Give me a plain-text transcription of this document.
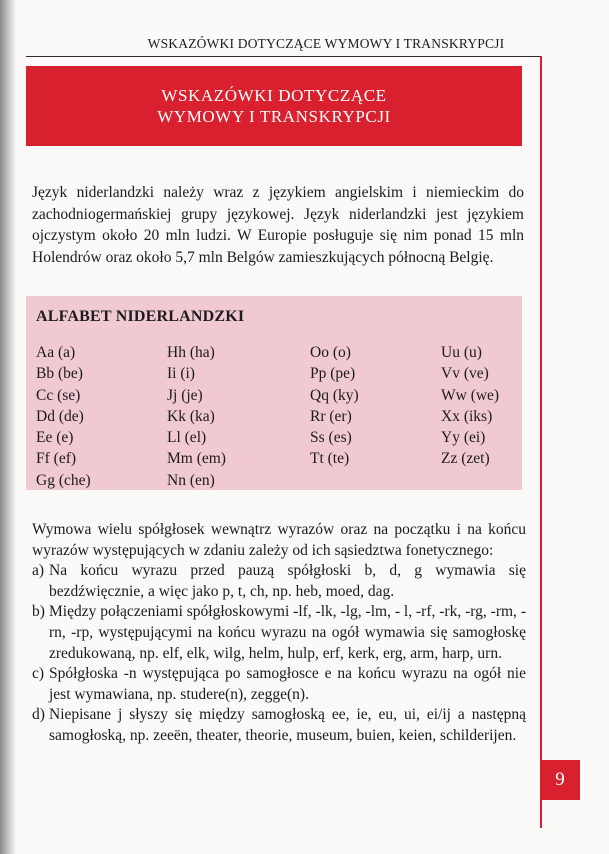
WSKAZÓWKI DOTYCZĄCE WYMOWY I TRANSKRYPCJI
WSKAZÓWKI DOTYCZĄCE
WYMOWY I TRANSKRYPCJI

Język niderlandzki należy wraz z językiem angielskim i niemieckim do zachodniogermańskiej grupy językowej. Język niderlandzki jest językiem ojczystym około 20 mln ludzi. W Europie posługuje się nim ponad 15 mln Holendrów oraz około 5,7 mln Belgów zamieszkujących północną Belgię.

ALFABET NIDERLANDZKI
Aa (a)
Bb (be)
Cc (se)
Dd (de)
Ee (e)
Ff (ef)
Gg (che)
Hh (ha)
Ii (i)
Jj (je)
Kk (ka)
Ll (el)
Mm (em)
Nn (en)
Oo (o)
Pp (pe)
Qq (ky)
Rr (er)
Ss (es)
Tt (te)
Uu (u)
Vv (ve)
Ww (we)
Xx (iks)
Yy (ei)
Zz (zet)

Wymowa wielu spółgłosek wewnątrz wyrazów oraz na początku i na końcu wyrazów występujących w zdaniu zależy od ich sąsiedztwa fonetycznego:

a) Na końcu wyrazu przed pauzą spółgłoski b, d, g wymawia się bezdźwięcznie, a więc jako p, t, ch, np. heb, moed, dag.
b) Między połączeniami spółgłoskowymi -lf, -lk, -lg, -lm, - l, -rf, -rk, -rg, -rm, -rn, -rp, występującymi na końcu wyrazu na ogół wymawia się samogłoskę zredukowaną, np. elf, elk, wilg, helm, hulp, erf, kerk, erg, arm, harp, urn.
c) Spółgłoska -n występująca po samogłosce e na końcu wyrazu na ogół nie jest wymawiana, np. studere(n), zegge(n).
d) Niepisane j słyszy się między samogłoską ee, ie, eu, ui, ei/ij a następną samogłoską, np. zeeën, theater, theorie, museum, buien, keien, schilderijen.
9
